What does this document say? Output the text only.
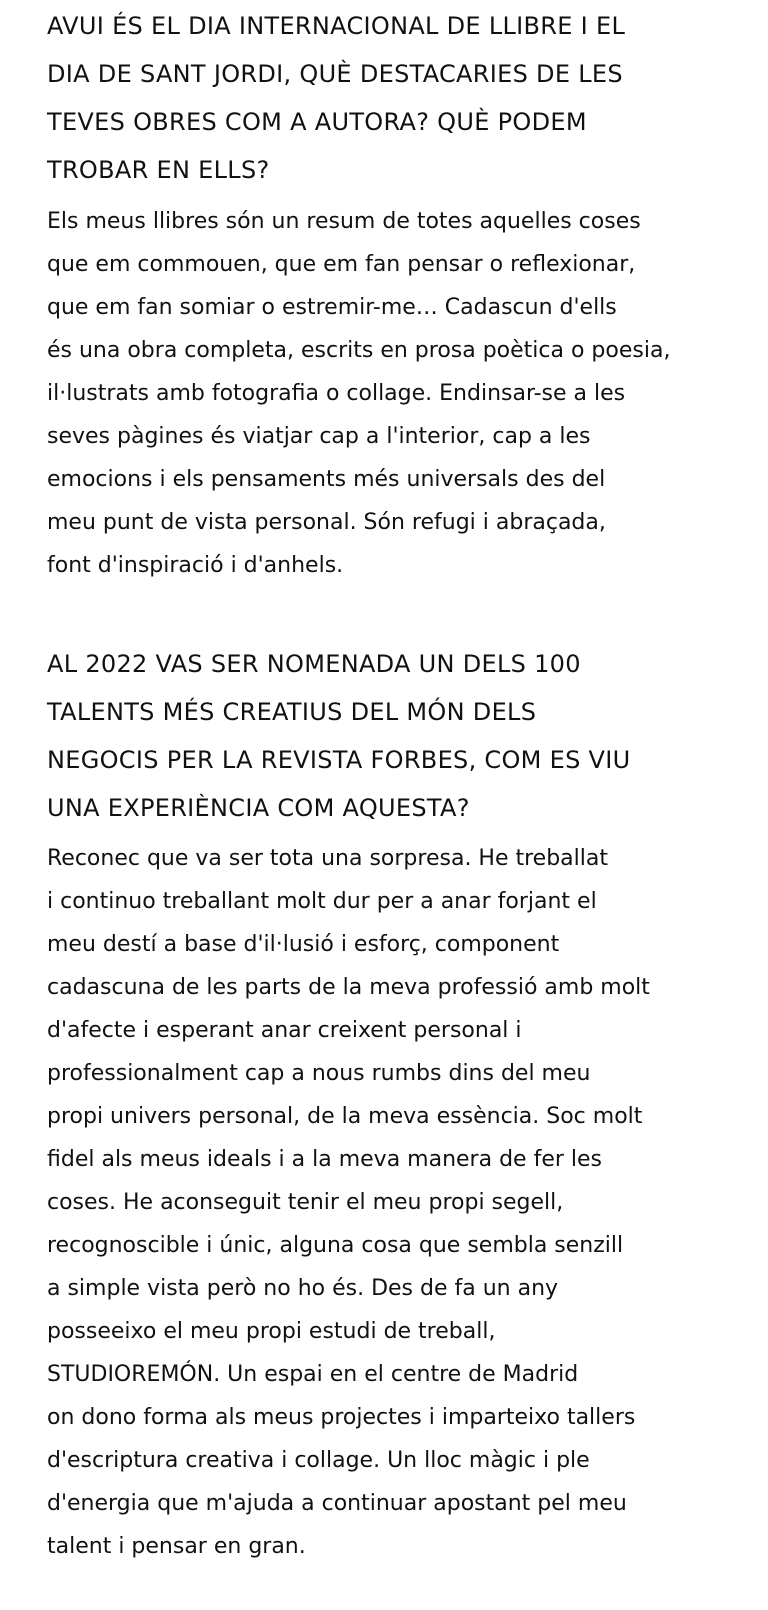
AVUI ÉS EL DIA INTERNACIONAL DE LLIBRE I EL
DIA DE SANT JORDI, QUÈ DESTACARIES DE LES
TEVES OBRES COM A AUTORA? QUÈ PODEM
TROBAR EN ELLS?

Els meus llibres són un resum de totes aquelles coses
que em commouen, que em fan pensar o reflexionar,
que em fan somiar o estremir-me… Cadascun d'ells
és una obra completa, escrits en prosa poètica o poesia,
il·lustrats amb fotografia o collage. Endinsar-se a les
seves pàgines és viatjar cap a l'interior, cap a les
emocions i els pensaments més universals des del
meu punt de vista personal. Són refugi i abraçada,
font d'inspiració i d'anhels.

AL 2022 VAS SER NOMENADA UN DELS 100
TALENTS MÉS CREATIUS DEL MÓN DELS
NEGOCIS PER LA REVISTA FORBES, COM ES VIU
UNA EXPERIÈNCIA COM AQUESTA?

Reconec que va ser tota una sorpresa. He treballat
i continuo treballant molt dur per a anar forjant el
meu destí a base d'il·lusió i esforç, component
cadascuna de les parts de la meva professió amb molt
d'afecte i esperant anar creixent personal i
professionalment cap a nous rumbs dins del meu
propi univers personal, de la meva essència. Soc molt
fidel als meus ideals i a la meva manera de fer les
coses. He aconseguit tenir el meu propi segell,
recognoscible i únic, alguna cosa que sembla senzill
a simple vista però no ho és. Des de fa un any
posseeixo el meu propi estudi de treball,
STUDIOREMÓN. Un espai en el centre de Madrid
on dono forma als meus projectes i imparteixo tallers
d'escriptura creativa i collage. Un lloc màgic i ple
d'energia que m'ajuda a continuar apostant pel meu
talent i pensar en gran.
